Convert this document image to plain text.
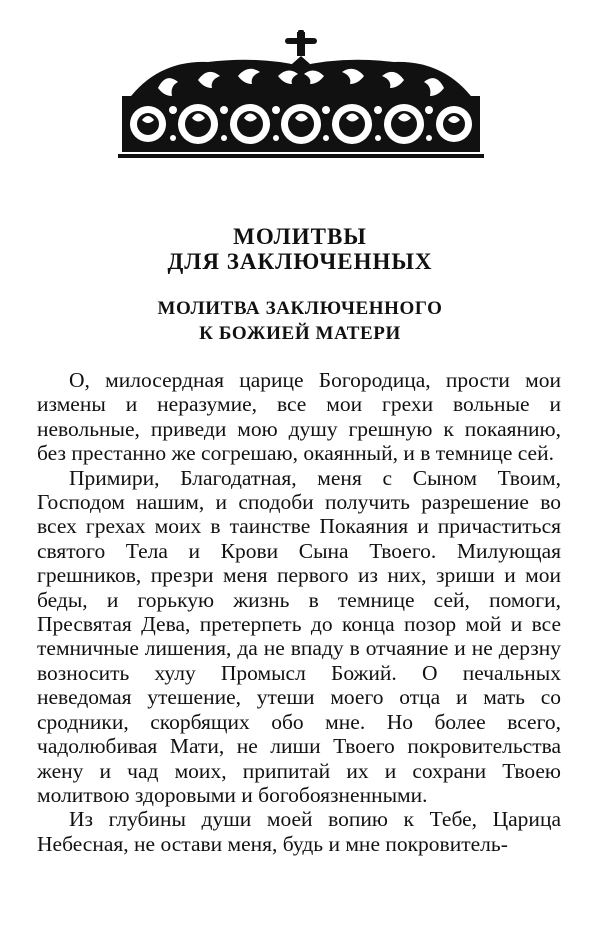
МОЛИТВЫ
ДЛЯ ЗАКЛЮЧЕННЫХ
МОЛИТВА ЗАКЛЮЧЕННОГО
К БОЖИЕЙ МАТЕРИ

О, милосердная царице Богородица, прости мои измены и неразумие, все мои грехи вольные и невольные, приведи мою душу грешную к покаянию, без престанно же согрешаю, окаянный, и в темнице сей.

Примири, Благодатная, меня с Сыном Твоим, Господом нашим, и сподоби получить разрешение во всех грехах моих в таинстве Покаяния и причаститься святого Тела и Крови Сына Твоего. Милующая грешников, презри меня первого из них, зриши и мои беды, и горькую жизнь в темнице сей, помоги, Пресвятая Дева, претерпеть до конца позор мой и все темничные лишения, да не впаду в отчаяние и не дерзну возносить хулу Промысл Божий. О печальных неведомая утешение, утеши моего отца и мать со сродники, скорбящих обо мне. Но более всего, чадолюбивая Мати, не лиши Твоего покровительства жену и чад моих, припитай их и сохрани Твоею молитвою здоровыми и богобоязненными.

Из глубины души моей вопию к Тебе, Царица Небесная, не остави меня, будь и мне покровитель-
